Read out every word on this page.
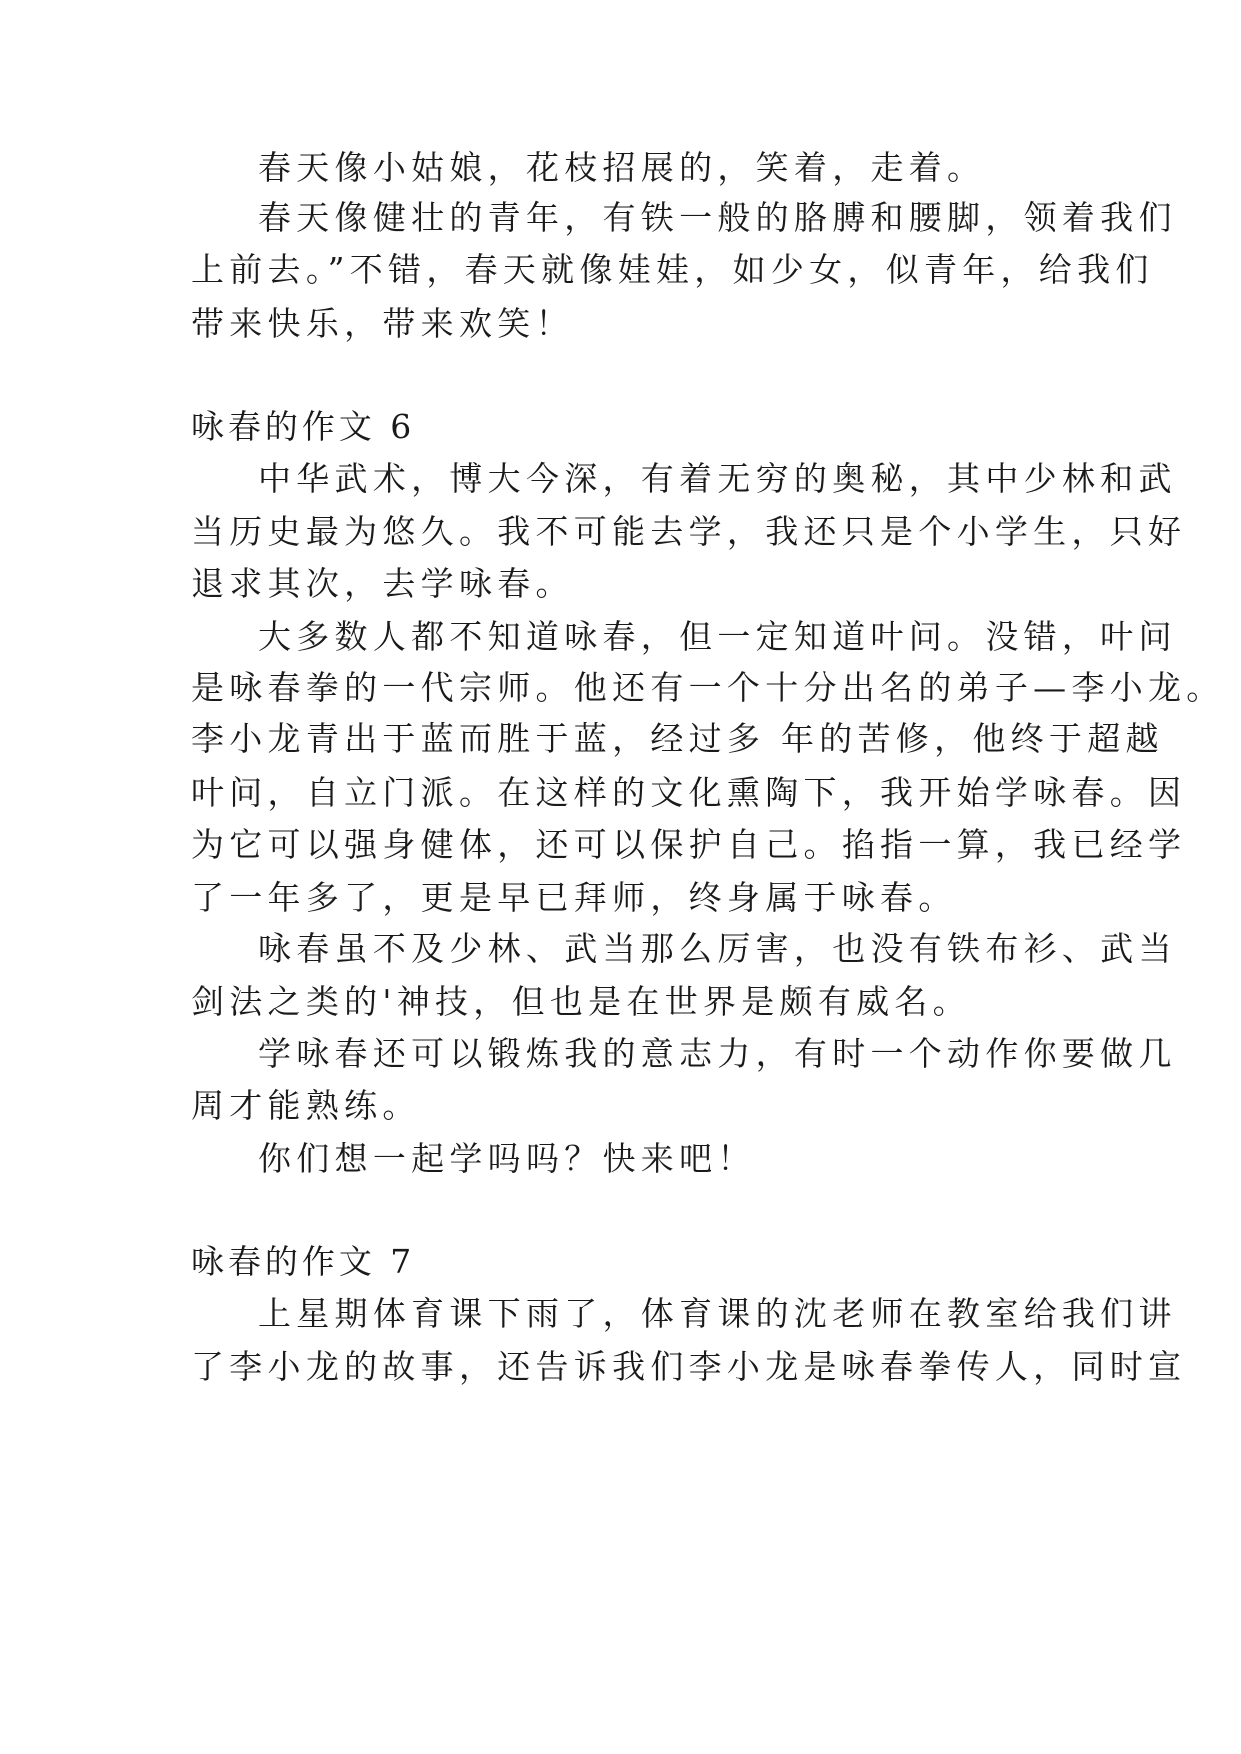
春天像小姑娘，花枝招展的，笑着，走着。
春天像健壮的青年，有铁一般的胳膊和腰脚，领着我们
上前去。”不错，春天就像娃娃，如少女，似青年，给我们
带来快乐，带来欢笑！
咏春的作文 6
中华武术，博大今深，有着无穷的奥秘，其中少林和武
当历史最为悠久。我不可能去学，我还只是个小学生，只好
退求其次，去学咏春。
大多数人都不知道咏春，但一定知道叶问。没错，叶问
是咏春拳的一代宗师。他还有一个十分出名的弟子—李小龙。
李小龙青出于蓝而胜于蓝，经过多 年的苦修，他终于超越
叶问，自立门派。在这样的文化熏陶下，我开始学咏春。因
为它可以强身健体，还可以保护自己。掐指一算，我已经学
了一年多了，更是早已拜师，终身属于咏春。
咏春虽不及少林、武当那么厉害，也没有铁布衫、武当
剑法之类的'神技，但也是在世界是颇有威名。
学咏春还可以锻炼我的意志力，有时一个动作你要做几
周才能熟练。
你们想一起学吗吗？快来吧！
咏春的作文 7
上星期体育课下雨了，体育课的沈老师在教室给我们讲
了李小龙的故事，还告诉我们李小龙是咏春拳传人，同时宣
